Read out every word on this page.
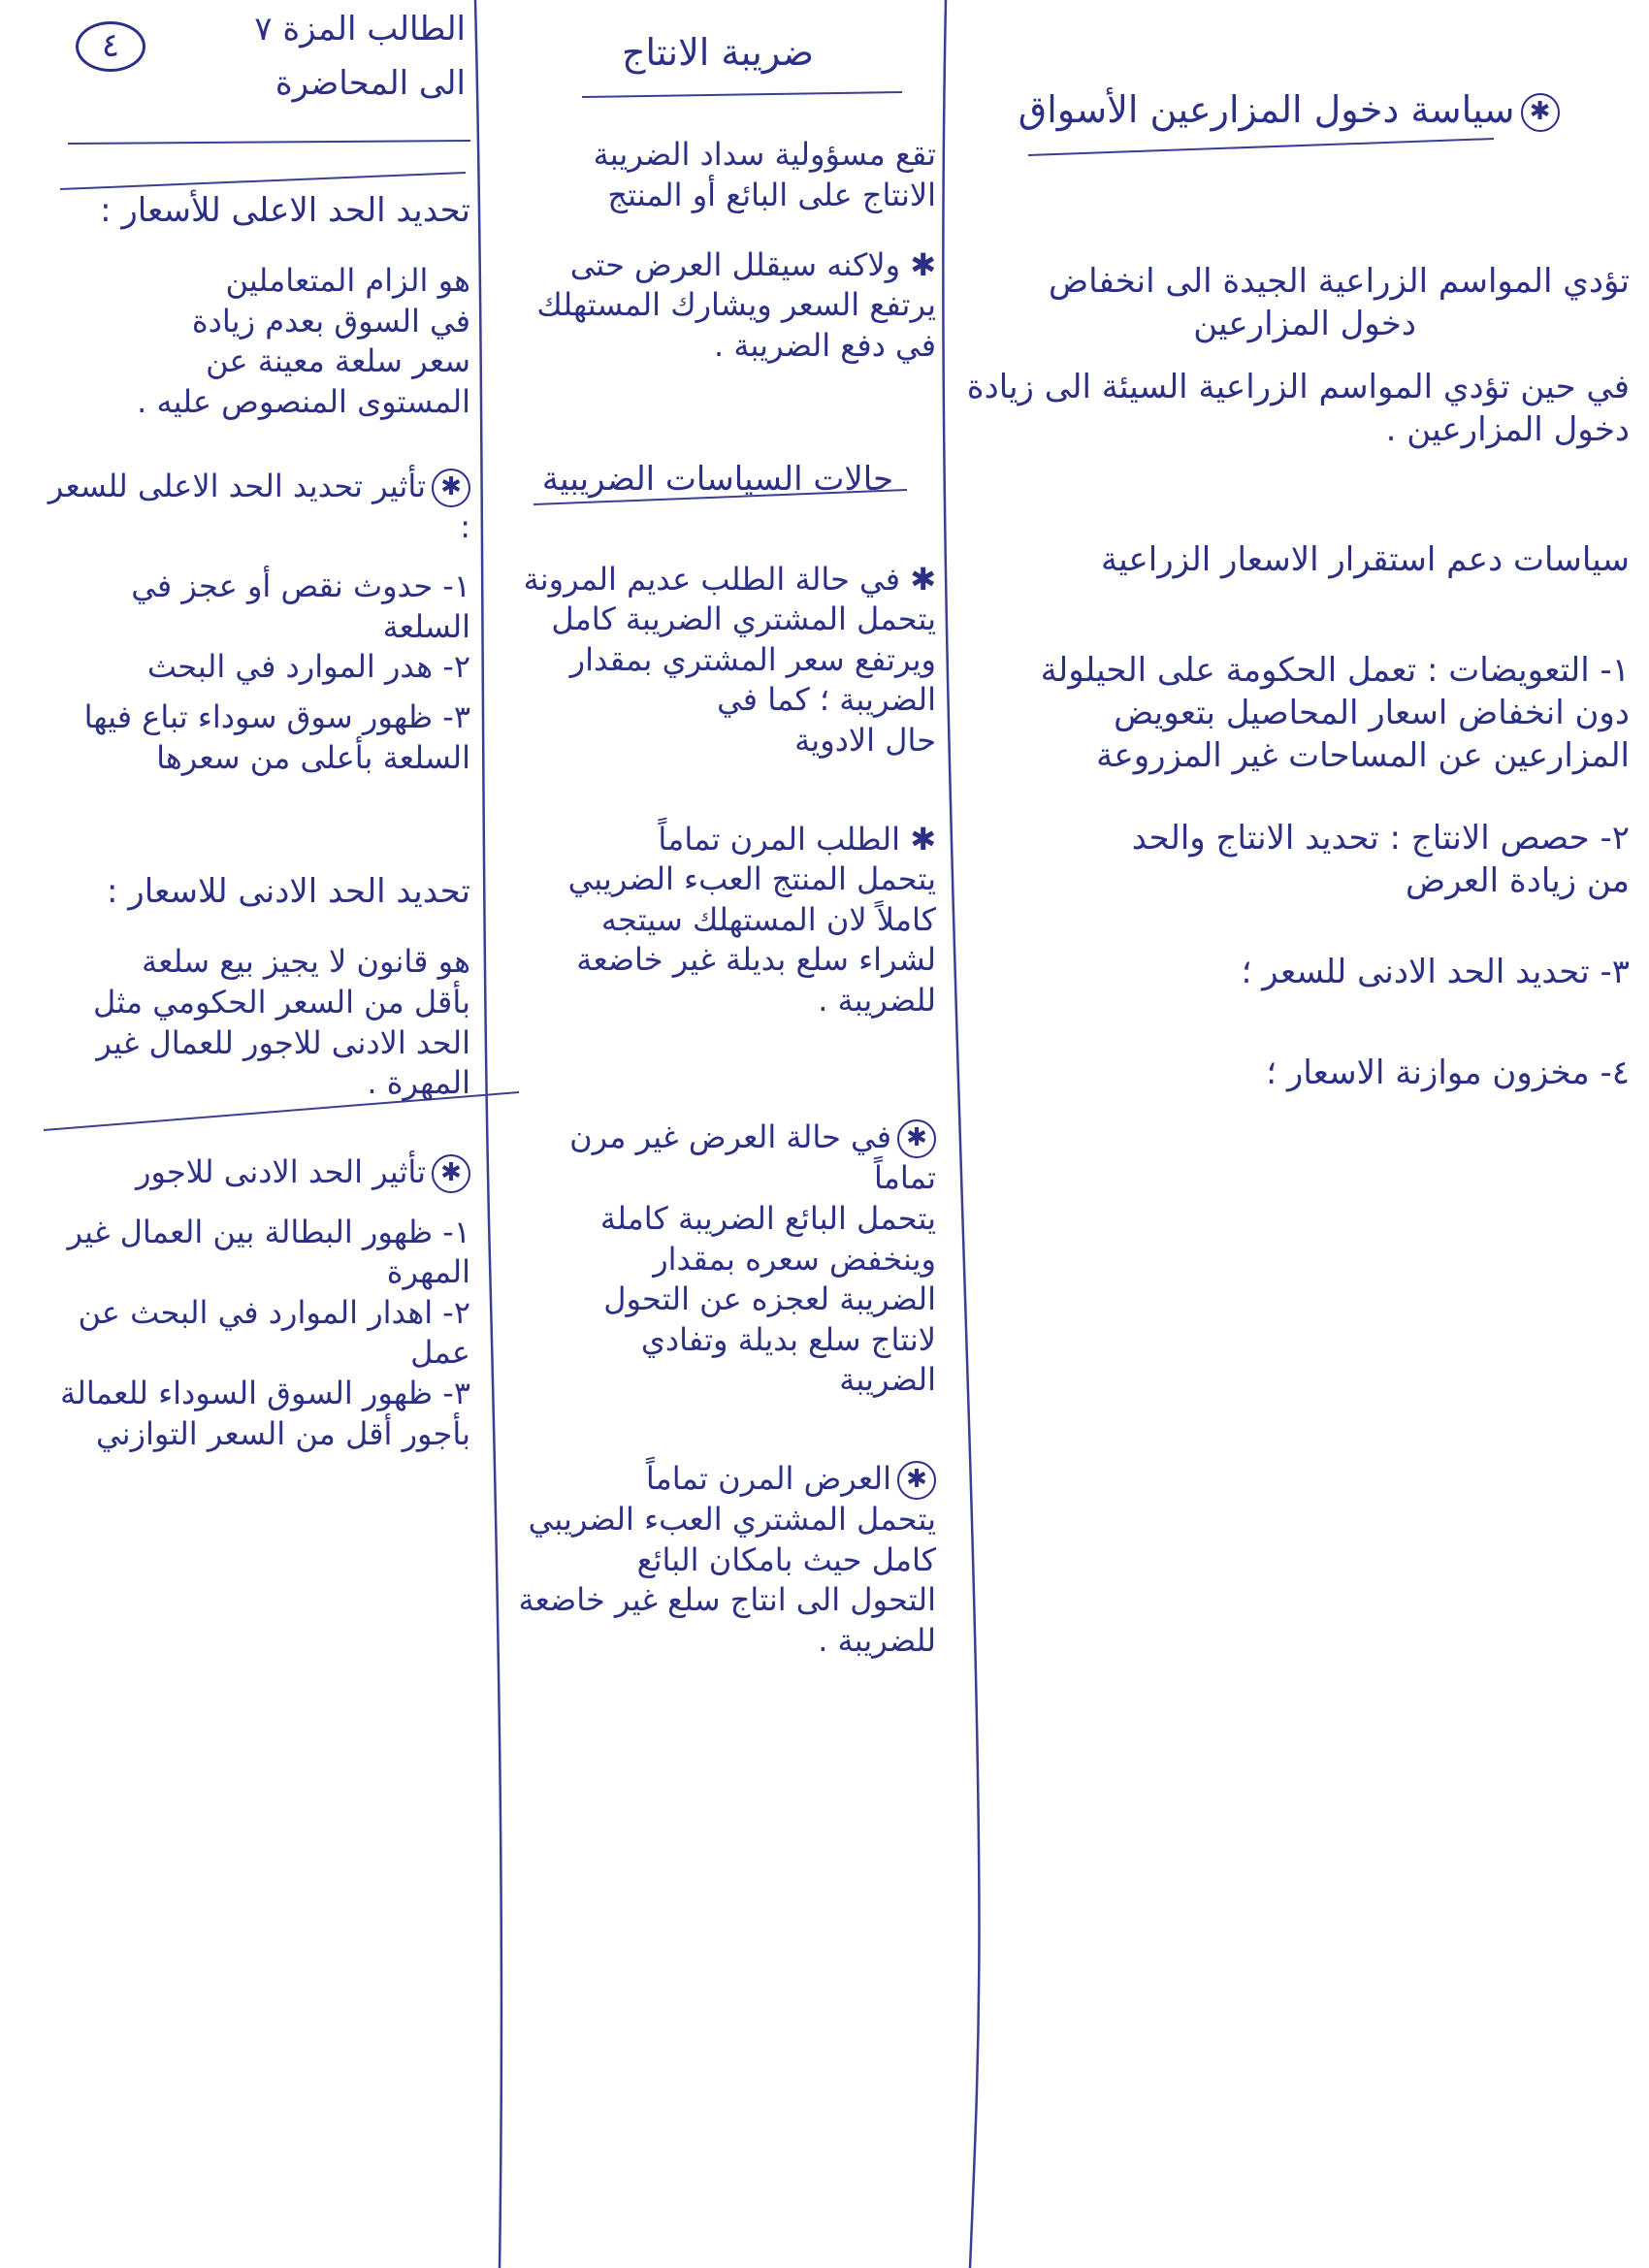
٤	الطالب المزة ٧
الى المحاضرة

✱سياسة دخول المزارعين الأسواق

تؤدي المواسم الزراعية الجيدة الى انخفاض
دخول المزارعين
في حين تؤدي المواسم الزراعية السيئة الى زيادة
دخول المزارعين .
سياسات دعم استقرار الاسعار الزراعية
١- التعويضات : تعمل الحكومة على الحيلولة
دون انخفاض اسعار المحاصيل بتعويض
المزارعين عن المساحات غير المزروعة
٢- حصص الانتاج : تحديد الانتاج والحد
من زيادة العرض
٣- تحديد الحد الادنى للسعر ؛
٤- مخزون موازنة الاسعار ؛
ضريبة الانتاج
تقع مسؤولية سداد الضريبة
الانتاج على البائع أو المنتج
✱ ولاكنه سيقلل العرض حتى
يرتفع السعر ويشارك المستهلك
في دفع الضريبة .
حالات السياسات الضريبية
✱ في حالة الطلب عديم المرونة
يتحمل المشتري الضريبة كامل
ويرتفع سعر المشتري بمقدار
الضريبة ؛ كما في
حال الادوية
✱ الطلب المرن تماماً
يتحمل المنتج العبء الضريبي
كاملاً لان المستهلك سيتجه
لشراء سلع بديلة غير خاضعة
للضريبة .
✱في حالة العرض غير مرن تماماً
يتحمل البائع الضريبة كاملة
وينخفض سعره بمقدار
الضريبة لعجزه عن التحول
لانتاج سلع بديلة وتفادي
الضريبة
✱العرض المرن تماماً
يتحمل المشتري العبء الضريبي
كامل حيث بامكان البائع
التحول الى انتاج سلع غير خاضعة
للضريبة .
تحديد الحد الاعلى للأسعار :
هو الزام المتعاملين
في السوق بعدم زيادة
سعر سلعة معينة عن
المستوى المنصوص عليه .
✱تأثير تحديد الحد الاعلى للسعر :
١- حدوث نقص أو عجز في السلعة
٢- هدر الموارد في البحث
٣- ظهور سوق سوداء تباع فيها السلعة بأعلى من سعرها
تحديد الحد الادنى للاسعار :
هو قانون لا يجيز بيع سلعة
بأقل من السعر الحكومي مثل
الحد الادنى للاجور للعمال غير
المهرة .
✱تأثير الحد الادنى للاجور
١- ظهور البطالة بين العمال غير المهرة
٢- اهدار الموارد في البحث عن عمل
٣- ظهور السوق السوداء للعمالة بأجور أقل من السعر التوازني
